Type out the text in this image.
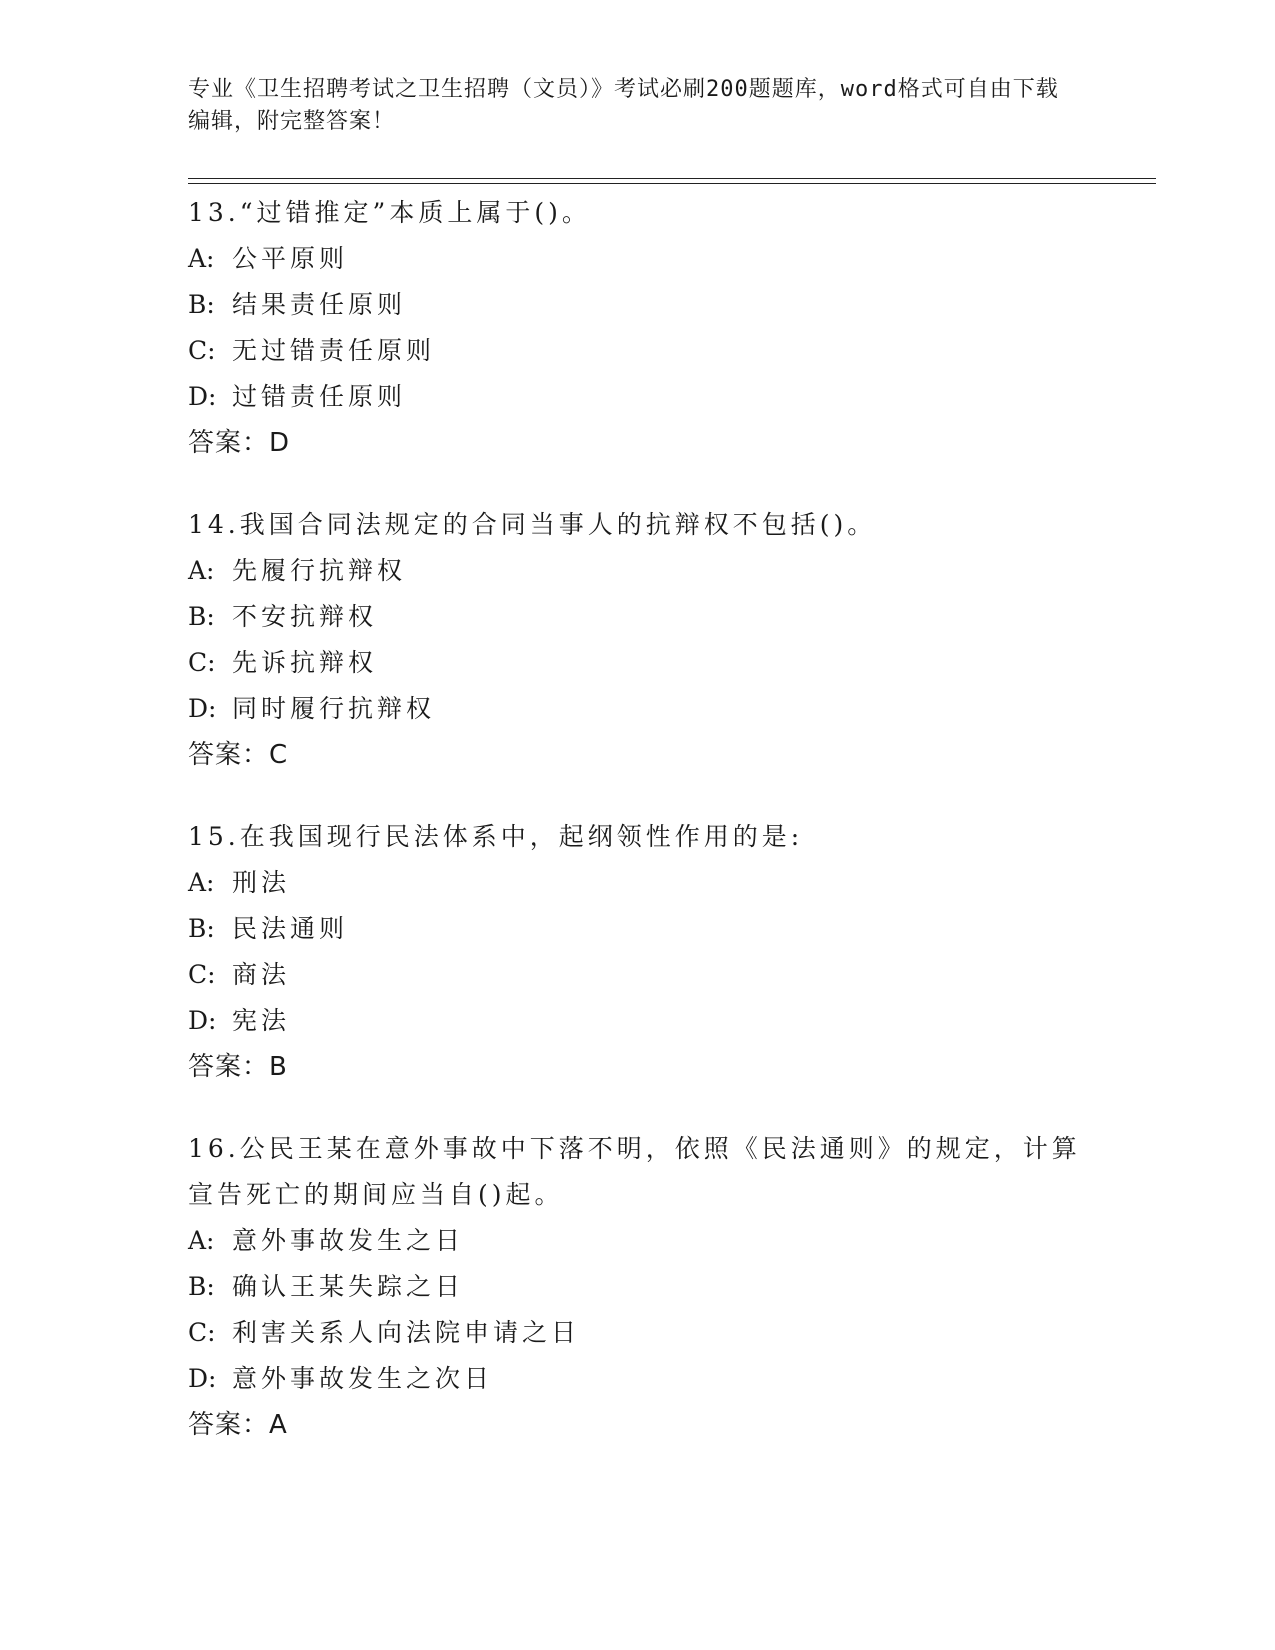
专业《卫生招聘考试之卫生招聘（文员）》考试必刷200题题库，word格式可自由下载编辑，附完整答案！
13.“过错推定”本质上属于()。
A: 公平原则
B: 结果责任原则
C: 无过错责任原则
D: 过错责任原则
答案：D
14.我国合同法规定的合同当事人的抗辩权不包括()。
A: 先履行抗辩权
B: 不安抗辩权
C: 先诉抗辩权
D: 同时履行抗辩权
答案：C
15.在我国现行民法体系中，起纲领性作用的是:
A: 刑法
B: 民法通则
C: 商法
D: 宪法
答案：B
16.公民王某在意外事故中下落不明，依照《民法通则》的规定，计算
宣告死亡的期间应当自()起。
A: 意外事故发生之日
B: 确认王某失踪之日
C: 利害关系人向法院申请之日
D: 意外事故发生之次日
答案：A
